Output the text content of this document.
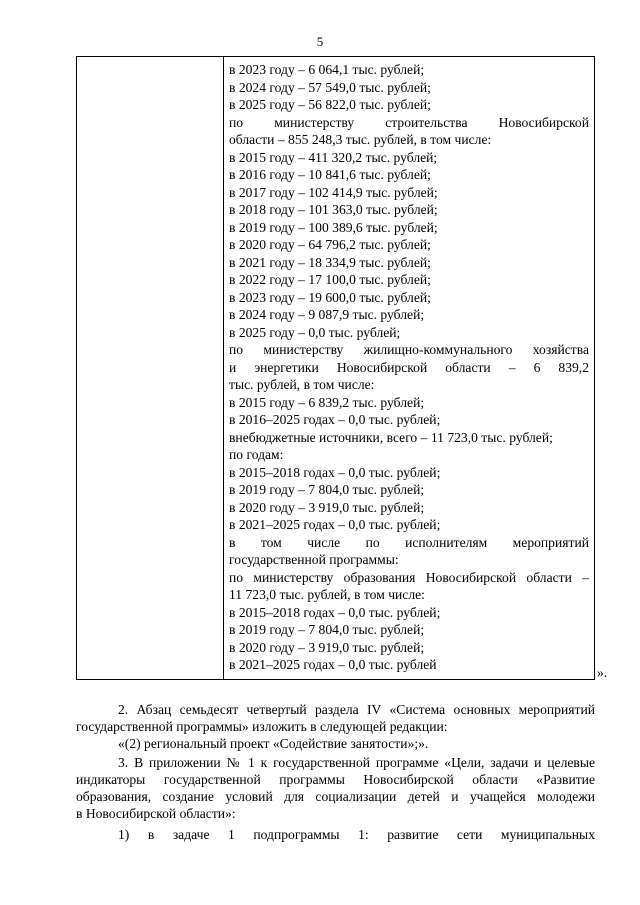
5
в 2023 году – 6 064,1 тыс. рублей;
в 2024 году – 57 549,0 тыс. рублей;
в 2025 году – 56 822,0 тыс. рублей;
по министерству строительства Новосибирской
области – 855 248,3 тыс. рублей, в том числе:
в 2015 году – 411 320,2 тыс. рублей;
в 2016 году – 10 841,6 тыс. рублей;
в 2017 году – 102 414,9 тыс. рублей;
в 2018 году – 101 363,0 тыс. рублей;
в 2019 году – 100 389,6 тыс. рублей;
в 2020 году – 64 796,2 тыс. рублей;
в 2021 году – 18 334,9 тыс. рублей;
в 2022 году – 17 100,0 тыс. рублей;
в 2023 году – 19 600,0 тыс. рублей;
в 2024 году – 9 087,9 тыс. рублей;
в 2025 году – 0,0 тыс. рублей;
по министерству жилищно-коммунального хозяйства
и энергетики Новосибирской области – 6 839,2
тыс. рублей, в том числе:
в 2015 году – 6 839,2 тыс. рублей;
в 2016–2025 годах – 0,0 тыс. рублей;
внебюджетные источники, всего – 11 723,0 тыс. рублей;
по годам:
в 2015–2018 годах – 0,0 тыс. рублей;
в 2019 году – 7 804,0 тыс. рублей;
в 2020 году – 3 919,0 тыс. рублей;
в 2021–2025 годах – 0,0 тыс. рублей;
в том числе по исполнителям мероприятий
государственной программы:
по министерству образования Новосибирской области –
11 723,0 тыс. рублей, в том числе:
в 2015–2018 годах – 0,0 тыс. рублей;
в 2019 году – 7 804,0 тыс. рублей;
в 2020 году – 3 919,0 тыс. рублей;
в 2021–2025 годах – 0,0 тыс. рублей
».
2. Абзац семьдесят четвертый раздела IV «Система основных мероприятий
государственной программы» изложить в следующей редакции:
«(2) региональный проект «Содействие занятости»;».
3. В приложении № 1 к государственной программе «Цели, задачи и целевые
индикаторы государственной программы Новосибирской области «Развитие
образования, создание условий для социализации детей и учащейся молодежи
в Новосибирской области»:
1) в задаче 1 подпрограммы 1: развитие сети муниципальных
